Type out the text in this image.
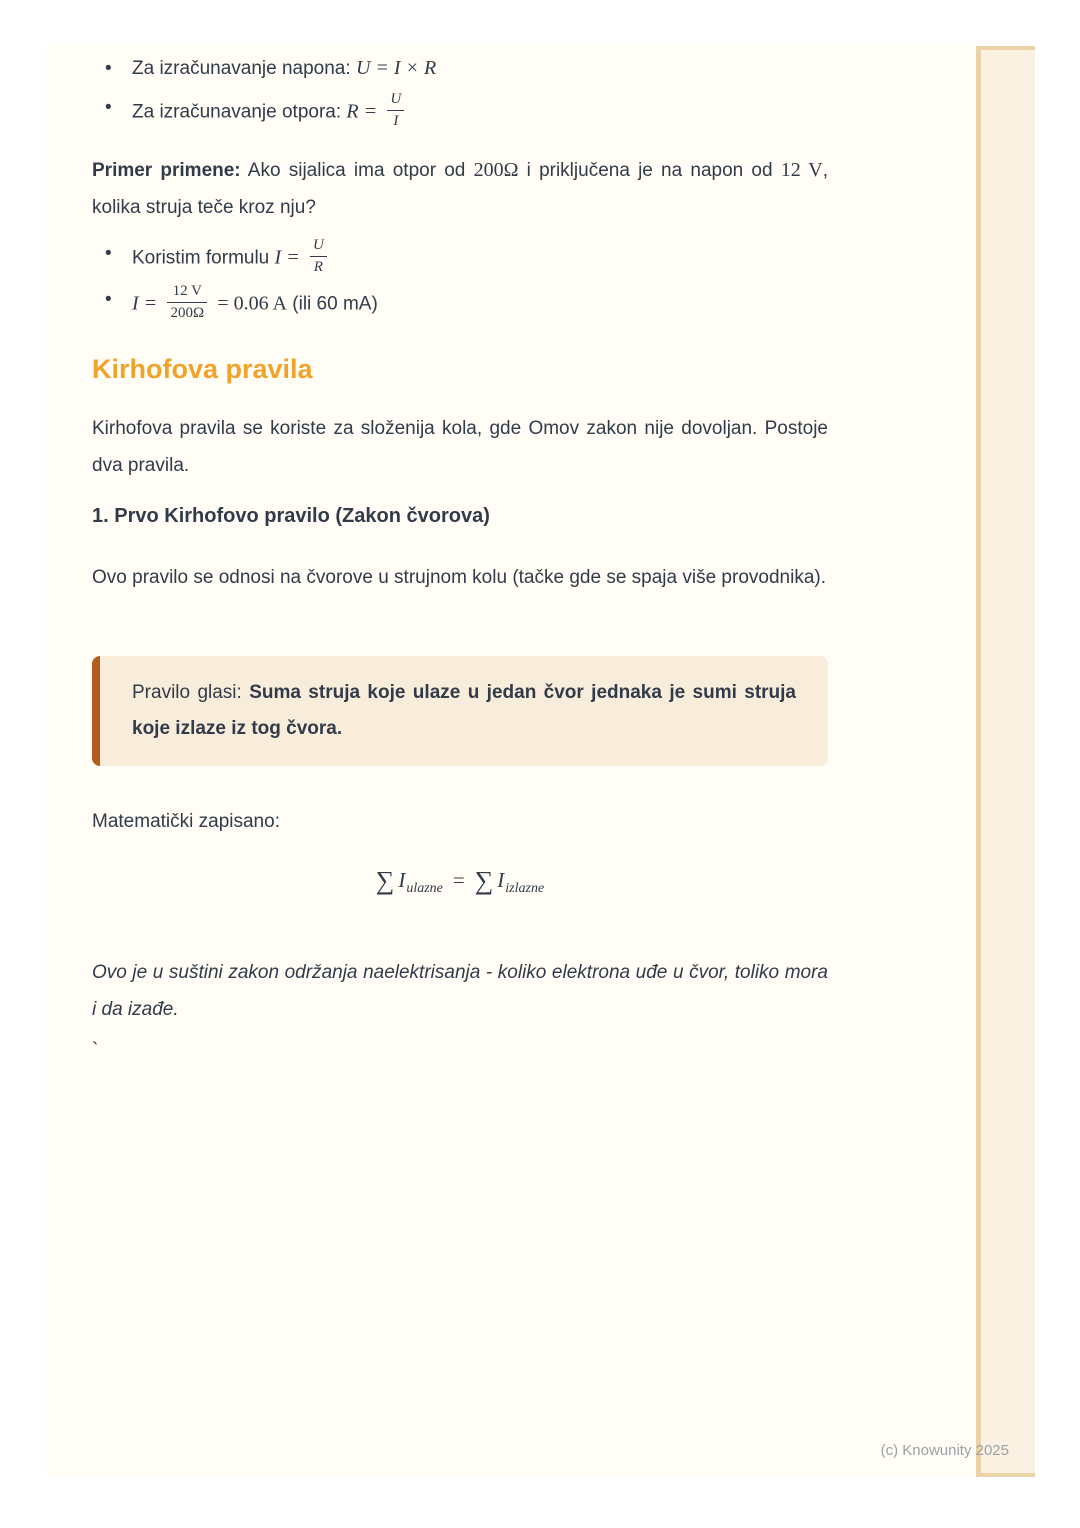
• Za izračunavanje napona: U = I × R
• Za izračunavanje otpora: $R = \frac{U}{I}$

Primer primene: Ako sijalica ima otpor od 200Ω i priključena je na napon od 12 V, kolika struja teče kroz nju?

• Koristim formulu $I = \frac{U}{R}$
• $I = \frac{12 V}{200\Omega} = 0.06$ A (ili 60 mA)
Kirhofova pravila

Kirhofova pravila se koriste za složenija kola, gde Omov zakon nije dovoljan. Postoje dva pravila.

1. Prvo Kirhofovo pravilo (Zakon čvorova)

Ovo pravilo se odnosi na čvorove u strujnom kolu (tačke gde se spaja više provodnika).

Pravilo glasi: Suma struja koje ulaze u jedan čvor jednaka je sumi struja koje izlaze iz tog čvora.

Matematički zapisano:

∑ $I_{ulazne}$ = ∑ $I_{izlazne}$

Ovo je u suštini zakon održanja naelektrisanja - koliko elektrona uđe u čvor, toliko mora i da izađe.

`
(c) Knowunity 2025
